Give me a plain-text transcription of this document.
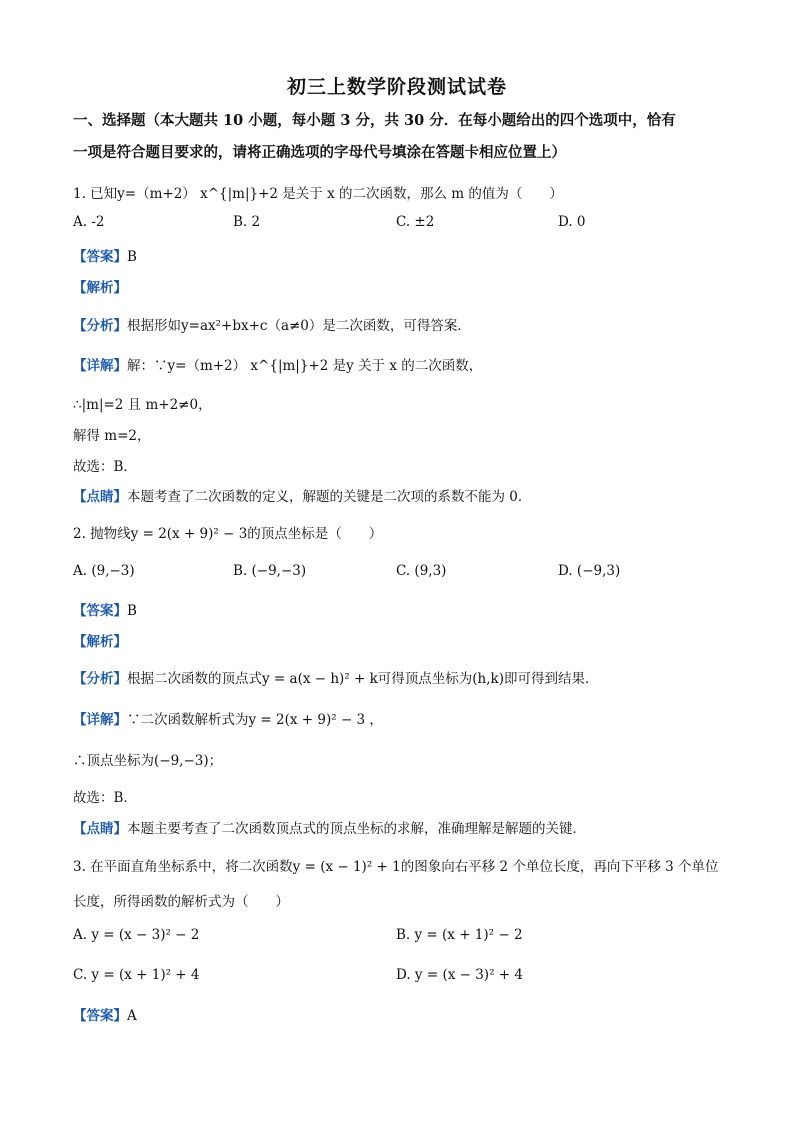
初三上数学阶段测试试卷
一、选择题（本大题共 10 小题，每小题 3 分，共 30 分．在每小题给出的四个选项中，恰有
一项是符合题目要求的，请将正确选项的字母代号填涂在答题卡相应位置上）
1. 已知y=（m+2） x^{|m|}+2 是关于 x 的二次函数，那么 m 的值为（　　）
A. -2	B. 2	C. ±2	D. 0
【答案】B
【解析】
【分析】根据形如y=ax²+bx+c（a≠0）是二次函数，可得答案．
【详解】解：∵y=（m+2） x^{|m|}+2 是y 关于 x 的二次函数，
∴|m|=2 且 m+2≠0，
解得 m=2，
故选：B．
【点睛】本题考查了二次函数的定义，解题的关键是二次项的系数不能为 0．
2. 抛物线y = 2(x + 9)² − 3的顶点坐标是（　　）
A. (9,−3)	B. (−9,−3)	C. (9,3)	D. (−9,3)
【答案】B
【解析】
【分析】根据二次函数的顶点式y = a(x − h)² + k可得顶点坐标为(h,k)即可得到结果．
【详解】∵二次函数解析式为y = 2(x + 9)² − 3 ，
∴顶点坐标为(−9,−3)；
故选：B．
【点睛】本题主要考查了二次函数顶点式的顶点坐标的求解，准确理解是解题的关键．
3. 在平面直角坐标系中，将二次函数y = (x − 1)² + 1的图象向右平移 2 个单位长度，再向下平移 3 个单位
长度，所得函数的解析式为（　　）
A. y = (x − 3)² − 2	B. y = (x + 1)² − 2
C. y = (x + 1)² + 4	D. y = (x − 3)² + 4
【答案】A
